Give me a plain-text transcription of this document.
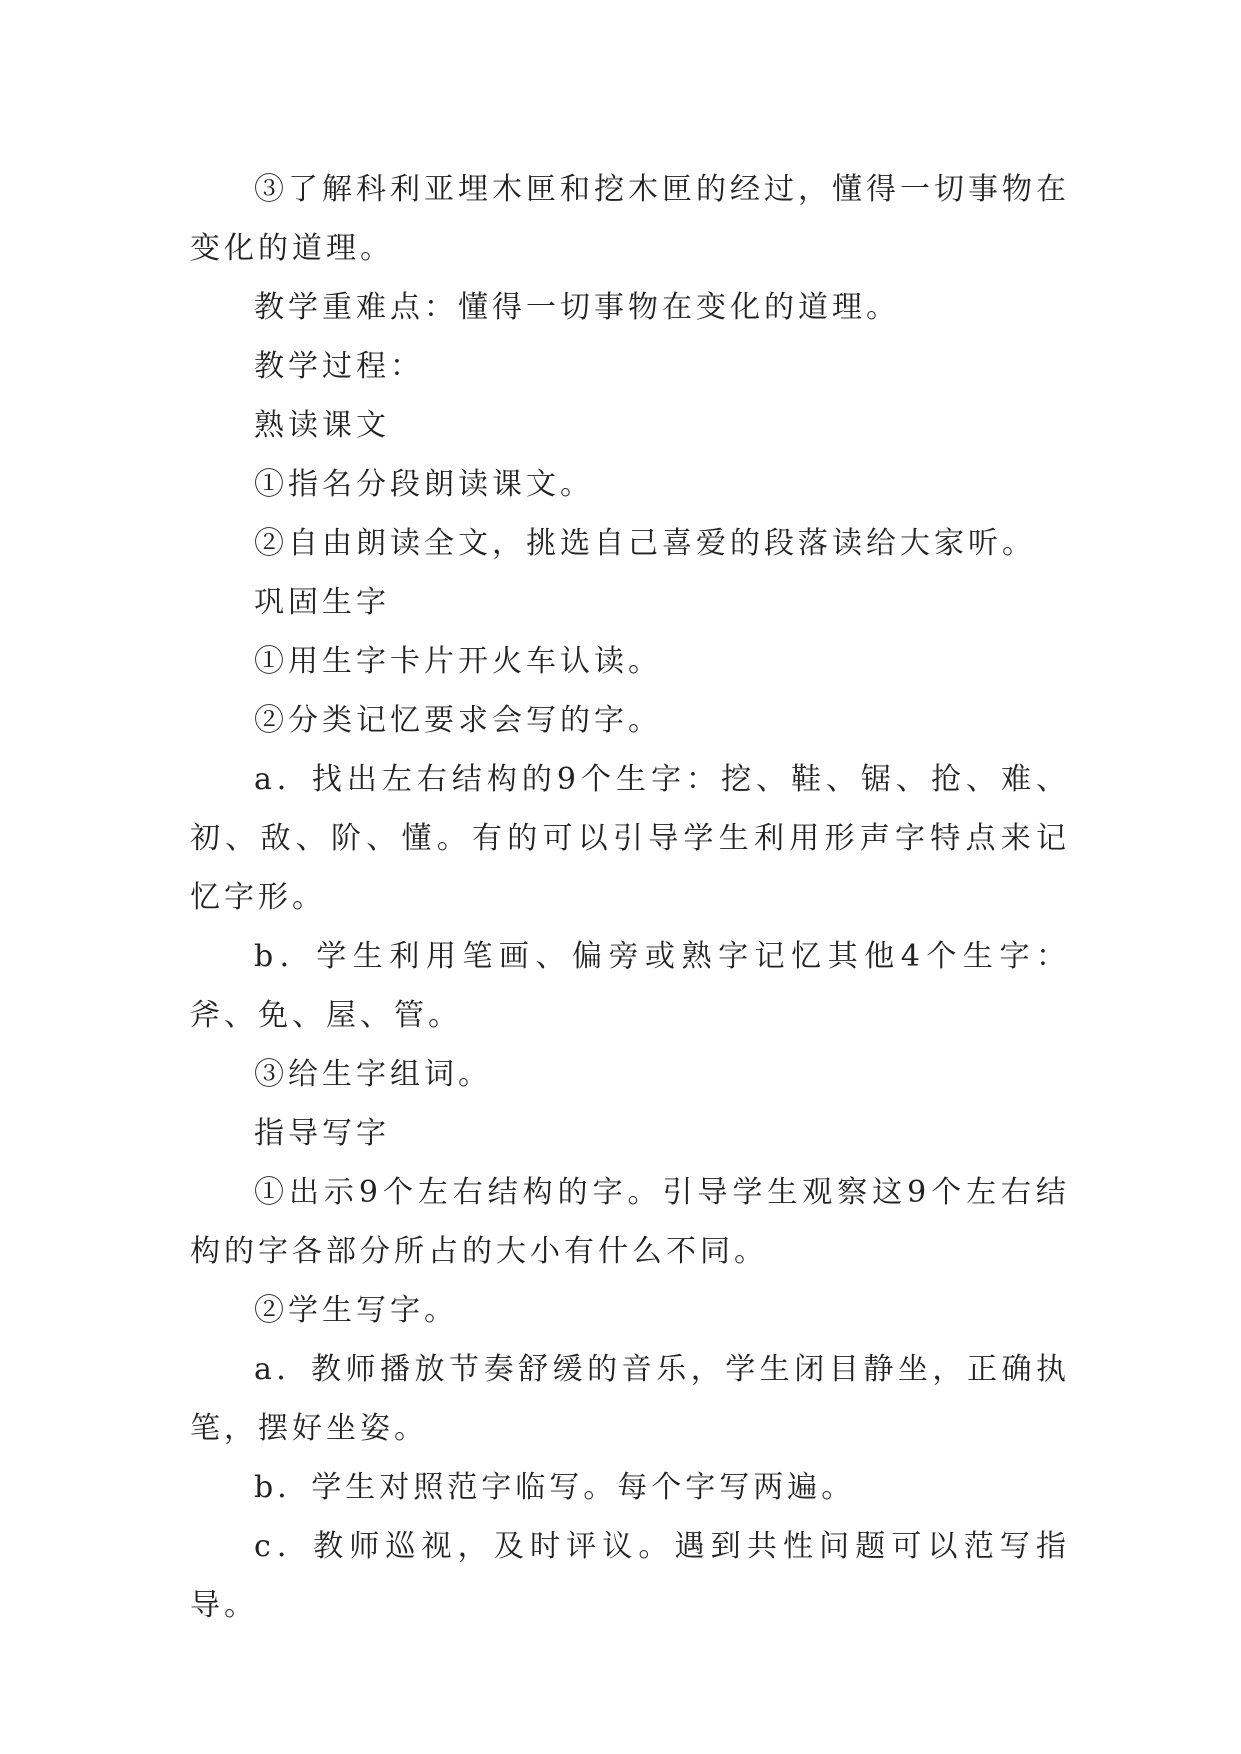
③了解科利亚埋木匣和挖木匣的经过，懂得一切事物在变化的道理。

教学重难点：懂得一切事物在变化的道理。

教学过程：

熟读课文

①指名分段朗读课文。

②自由朗读全文，挑选自己喜爱的段落读给大家听。

巩固生字

①用生字卡片开火车认读。

②分类记忆要求会写的字。

a．找出左右结构的9个生字：挖、鞋、锯、抢、难、初、敌、阶、懂。有的可以引导学生利用形声字特点来记忆字形。

b．学生利用笔画、偏旁或熟字记忆其他4个生字：斧、免、屋、管。

③给生字组词。

指导写字

①出示9个左右结构的字。引导学生观察这9个左右结构的字各部分所占的大小有什么不同。

②学生写字。

a．教师播放节奏舒缓的音乐，学生闭目静坐，正确执笔，摆好坐姿。

b．学生对照范字临写。每个字写两遍。

c．教师巡视，及时评议。遇到共性问题可以范写指导。
